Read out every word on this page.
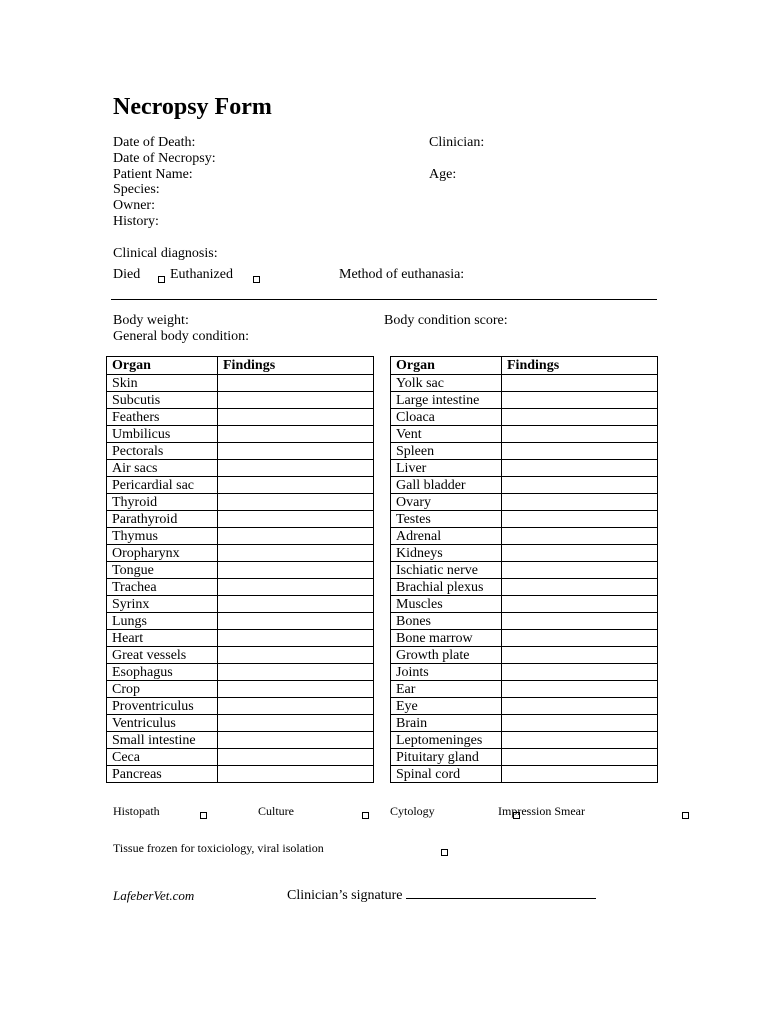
Necropsy Form
Date of Death:	Clinician:
Date of Necropsy:
Patient Name:	Age:
Species:
Owner:
History:
Clinical diagnosis:
Died
Euthanized
	Method of euthanasia:
Body weight:	Body condition score:
General body condition:
Organ	Findings
Skin	
Subcutis	
Feathers	
Umbilicus	
Pectorals	
Air sacs	
Pericardial sac	
Thyroid	
Parathyroid	
Thymus	
Oropharynx	
Tongue	
Trachea	
Syrinx	
Lungs	
Heart	
Great vessels	
Esophagus	
Crop	
Proventriculus	
Ventriculus	
Small intestine	
Ceca	
Pancreas	
Organ	Findings
Yolk sac	
Large intestine	
Cloaca	
Vent	
Spleen	
Liver	
Gall bladder	
Ovary	
Testes	
Adrenal	
Kidneys	
Ischiatic nerve	
Brachial plexus	
Muscles	
Bones	
Bone marrow	
Growth plate	
Joints	
Ear	
Eye	
Brain	
Leptomeninges	
Pituitary gland	
Spinal cord	
Histopath
	Culture
	Cytology
	Impression Smear

Tissue frozen for toxiciology, viral isolation
LafeberVet.com	Clinician’s signature
